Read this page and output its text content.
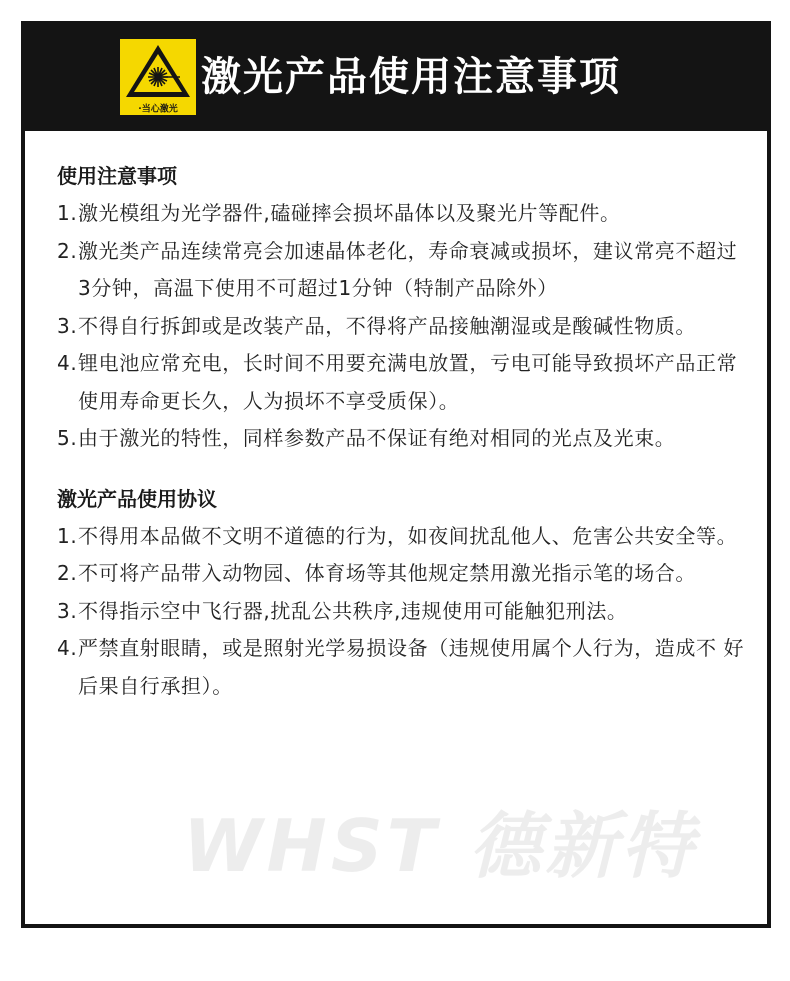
·当心激光
激光产品使用注意事项
使用注意事项
1. 激光模组为光学器件,磕碰摔会损坏晶体以及聚光片等配件。
2. 激光类产品连续常亮会加速晶体老化，寿命衰减或损坏，建议常亮不超过3分钟，高温下使用不可超过1分钟（特制产品除外）
3. 不得自行拆卸或是改装产品，不得将产品接触潮湿或是酸碱性物质。
4. 锂电池应常充电，长时间不用要充满电放置，亏电可能导致损坏产品正常使用寿命更长久，人为损坏不享受质保）。
5. 由于激光的特性，同样参数产品不保证有绝对相同的光点及光束。
激光产品使用协议
1. 不得用本品做不文明不道德的行为，如夜间扰乱他人、危害公共安全等。
2. 不可将产品带入动物园、体育场等其他规定禁用激光指示笔的场合。
3. 不得指示空中飞行器,扰乱公共秩序,违规使用可能触犯刑法。
4. 严禁直射眼睛，或是照射光学易损设备（违规使用属个人行为，造成不 好后果自行承担）。
WHST 德新特
